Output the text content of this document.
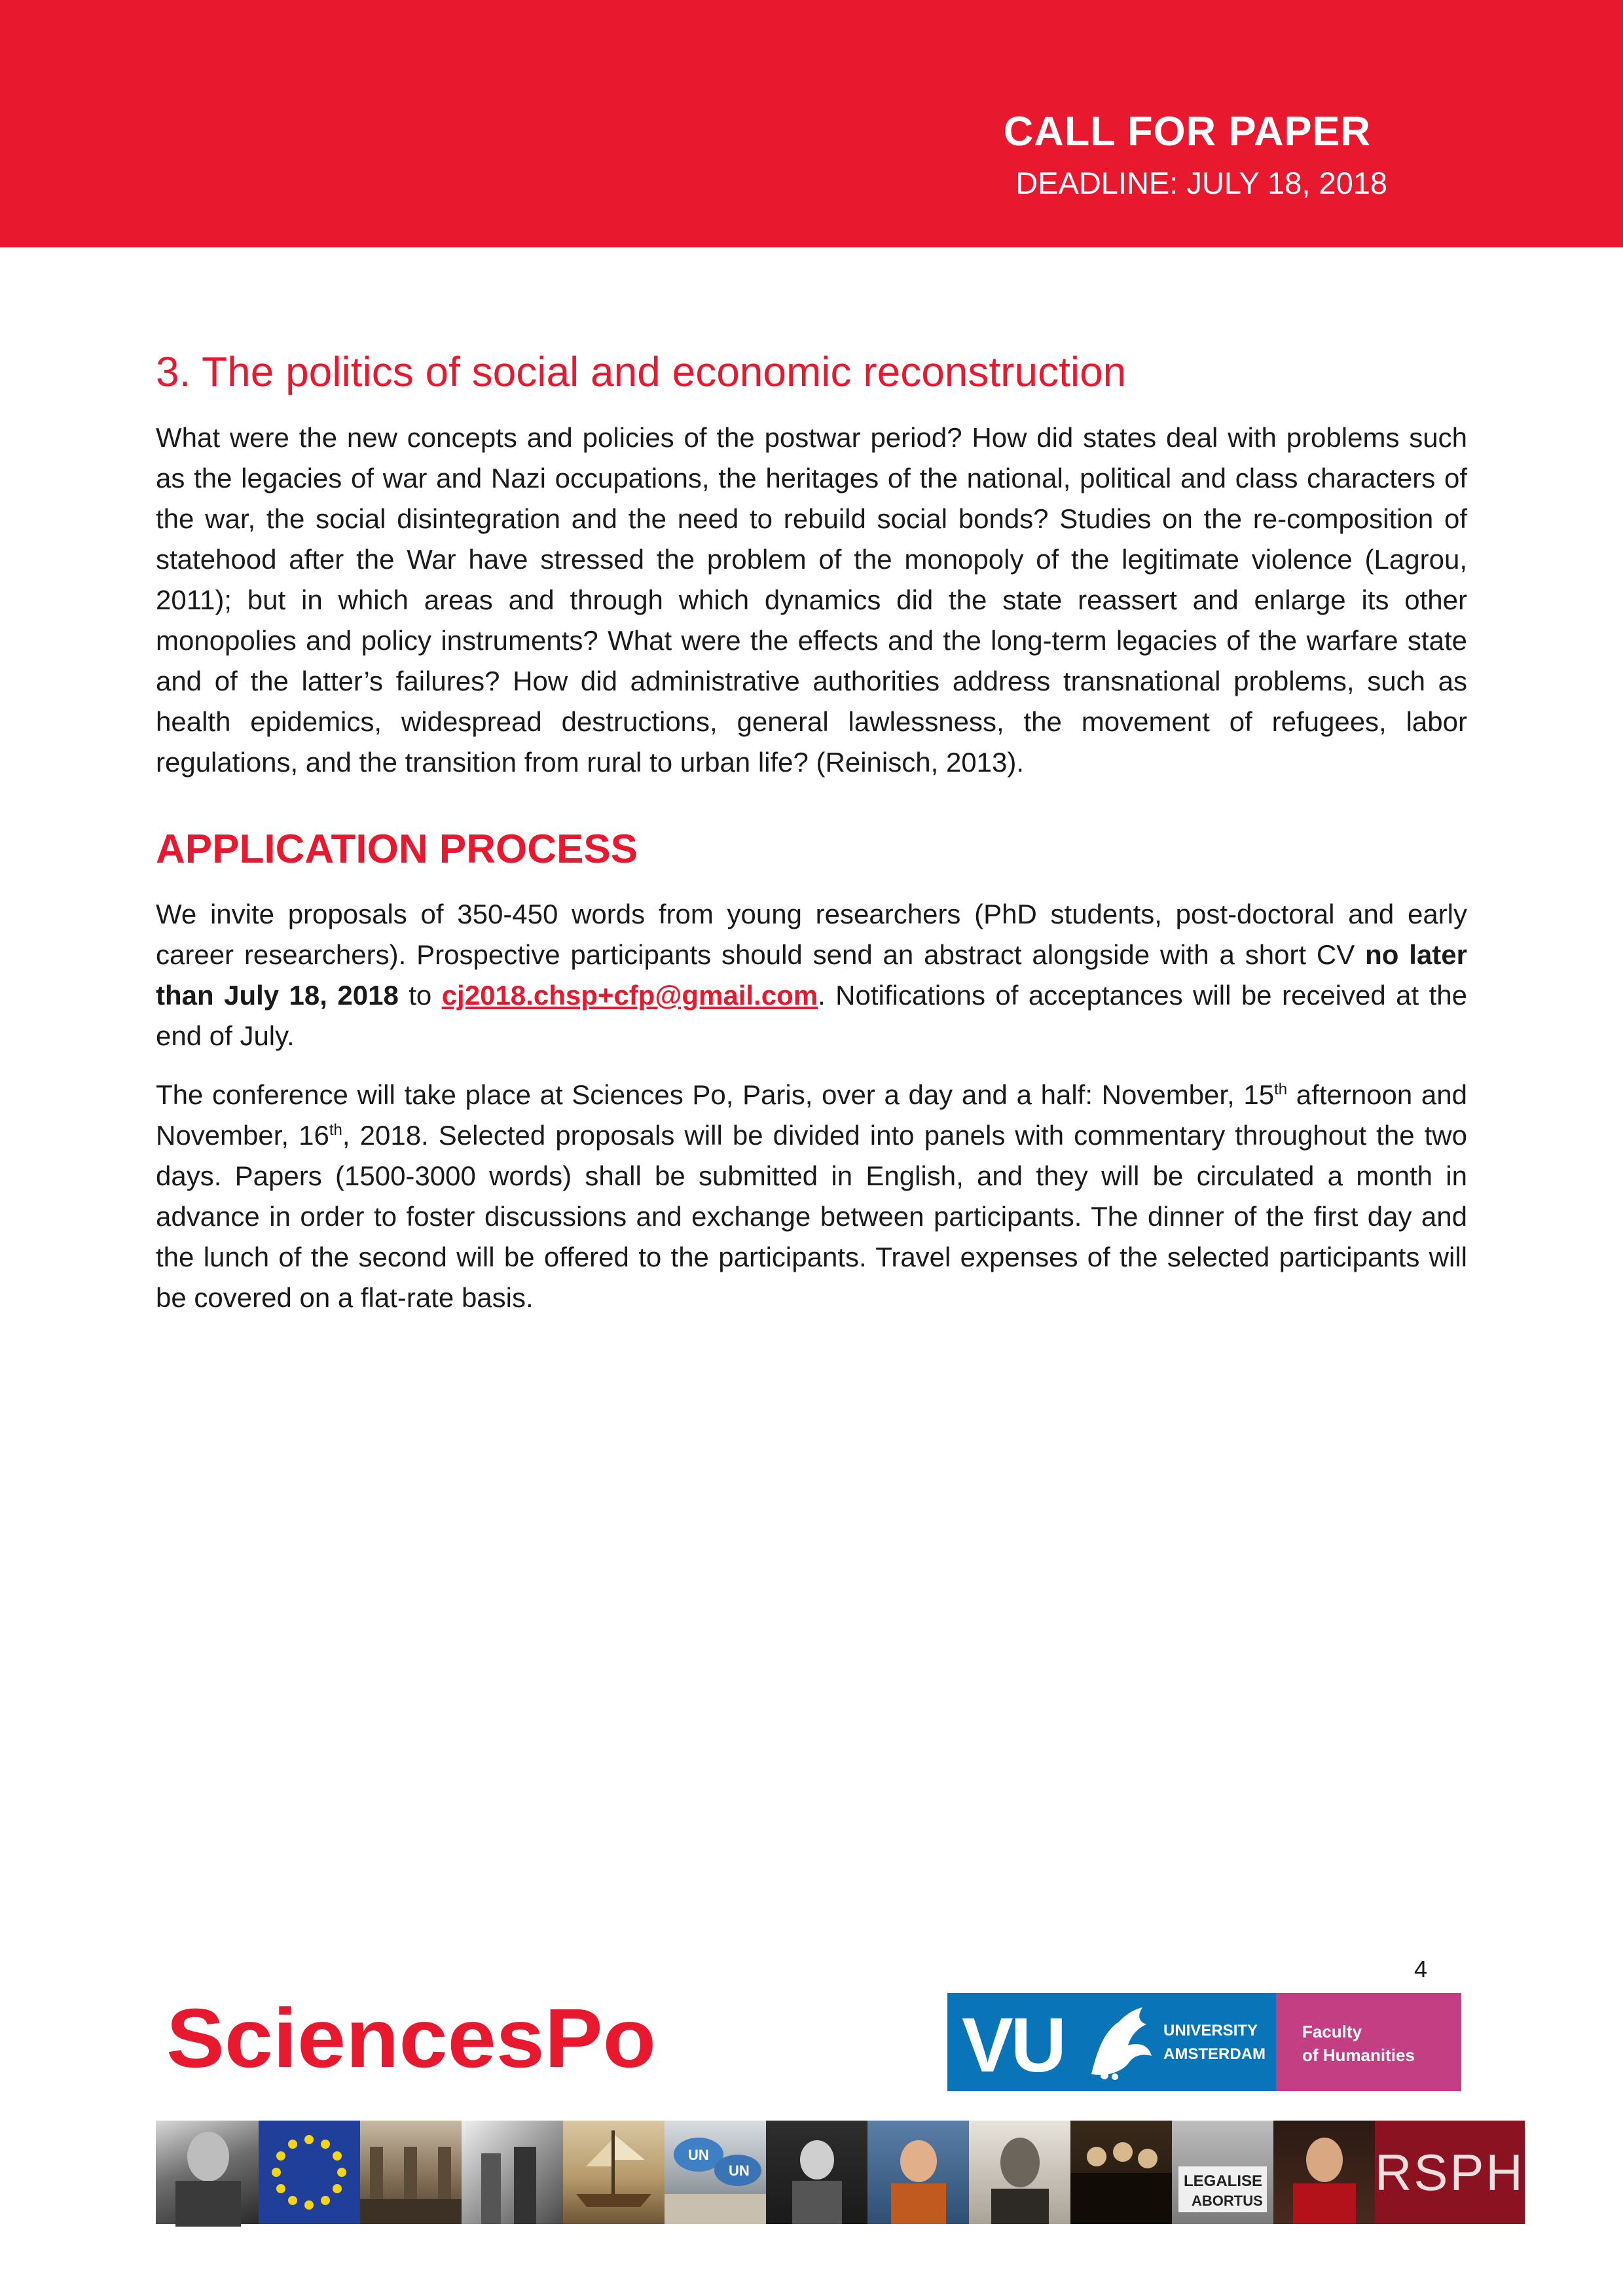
CALL FOR PAPER
DEADLINE: JULY 18, 2018
3. The politics of social and economic reconstruction

What were the new concepts and policies of the postwar period? How did states deal with problems such as the legacies of war and Nazi occupations, the heritages of the national, political and class characters of the war, the social disintegration and the need to rebuild social bonds? Studies on the re-composition of statehood after the War have stressed the problem of the monopoly of the legitimate violence (Lagrou, 2011); but in which areas and through which dynamics did the state reassert and enlarge its other monopolies and policy instruments? What were the effects and the long-term legacies of the warfare state and of the latter’s failures? How did administrative authorities address transnational problems, such as health epidemics, widespread destructions, general lawlessness, the movement of refugees, labor regulations, and the transition from rural to urban life? (Reinisch, 2013).

APPLICATION PROCESS

We invite proposals of 350-450 words from young researchers (PhD students, post-doctoral and early career researchers). Prospective participants should send an abstract alongside with a short CV no later than July 18, 2018 to cj2018.chsp+cfp@gmail.com. Notifications of acceptances will be received at the end of July.

The conference will take place at Sciences Po, Paris, over a day and a half: November, 15th afternoon and November, 16th, 2018. Selected proposals will be divided into panels with commentary throughout the two days. Papers (1500-3000 words) shall be submitted in English, and they will be circulated a month in advance in order to foster discussions and exchange between participants. The dinner of the first day and the lunch of the second will be offered to the participants. Travel expenses of the selected participants will be covered on a flat-rate basis.

4
SciencesPo	VU	UNIVERSITY
AMSTERDAM
Faculty
of Humanities
UN
UN
LEGALISE
ABORTUS RSPH
